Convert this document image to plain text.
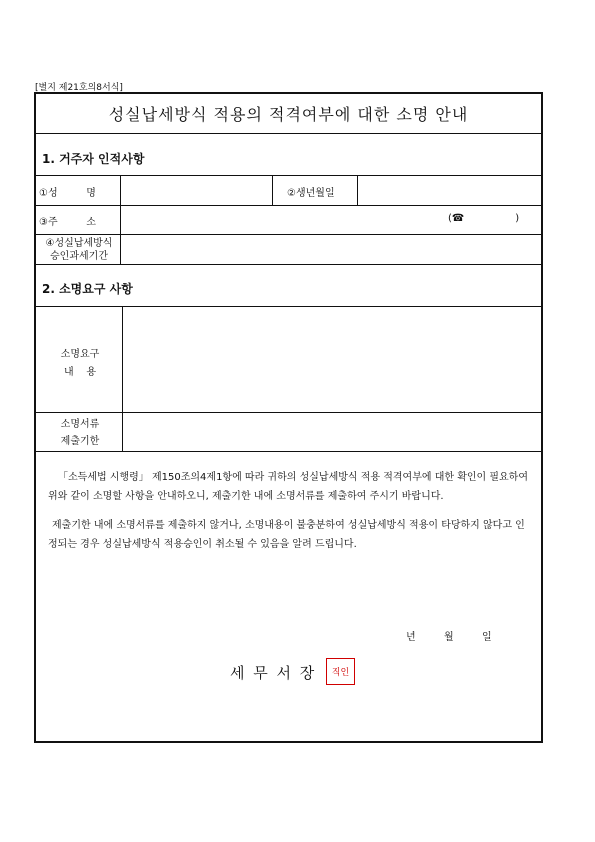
[별지 제21호의8서식]
성실납세방식 적용의 적격여부에 대한 소명 안내
1. 거주자 인적사항
①성         명	②생년월일
③주         소	(☎                )
④성실납세방식
승인과세기간
2. 소명요구 사항
소명요구
내    용
소명서류
제출기한
「소득세법 시행령」 제150조의4제1항에 따라 귀하의 성실납세방식 적용 적격여부에 대한 확인이 필요하여 위와 같이 소명할 사항을 안내하오니, 제출기한 내에 소명서류를 제출하여 주시기 바랍니다.
제출기한 내에 소명서류를 제출하지 않거나, 소명내용이 불충분하여 성실납세방식 적용이 타당하지 않다고 인정되는 경우 성실납세방식 적용승인이 취소될 수 있음을 알려 드립니다.
년	월	일
세 무 서 장	직인
